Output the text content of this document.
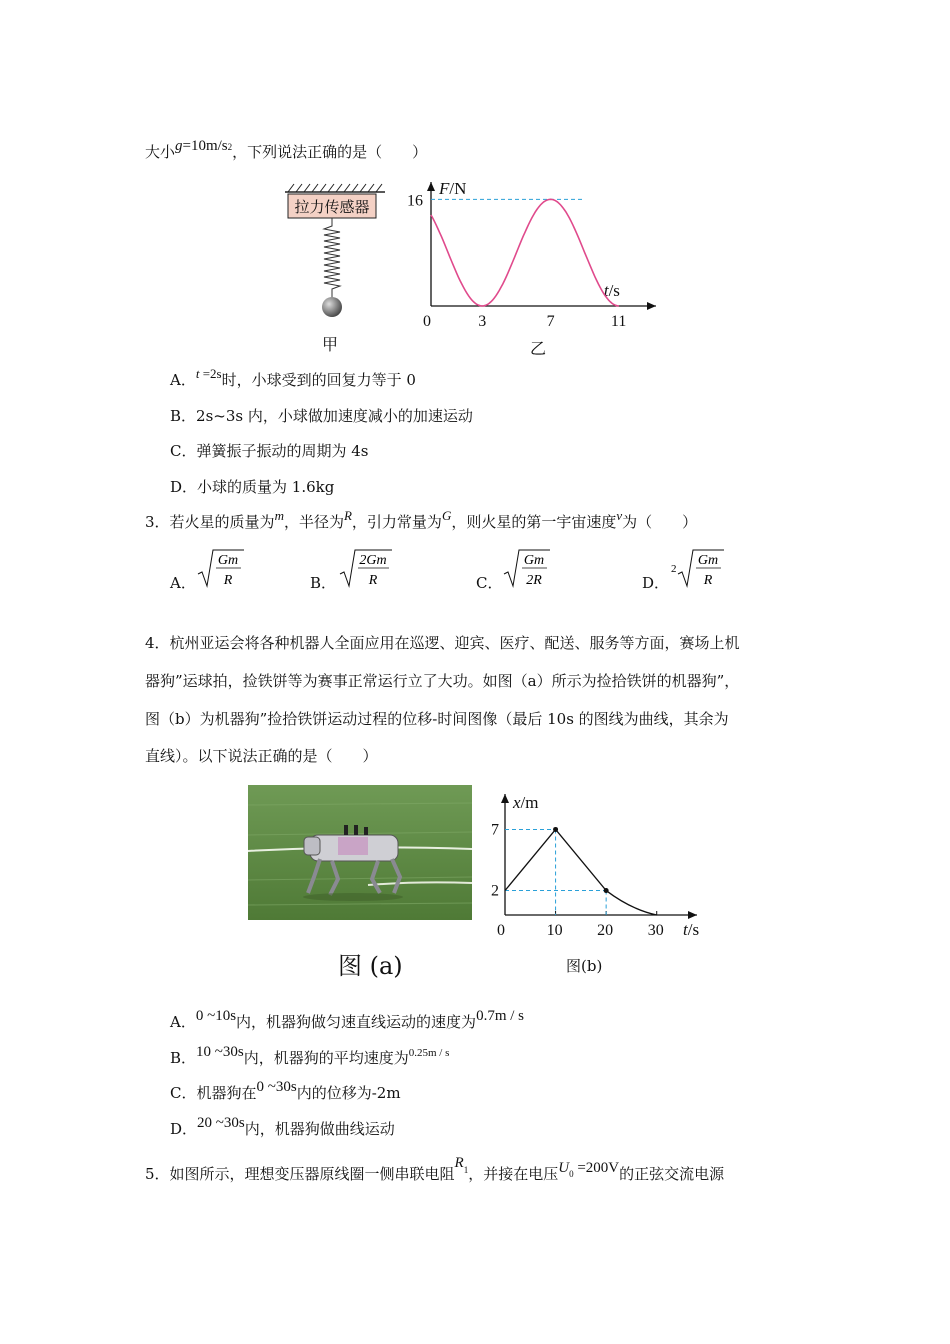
大小$g=10m/s^2$，下列说法正确的是（　　）
拉力传感器
甲
F/N
t/s
16
0	3	7	11
乙
A．t =2s时，小球受到的回复力等于 0
B．2s~3s 内，小球做加速度减小的加速运动
C．弹簧振子振动的周期为 4s
D．小球的质量为 1.6kg
3．若火星的质量为m，半径为R，引力常量为G，则火星的第一宇宙速度v为（　　）
A．
Gm
R	B．
2Gm
R	C．
Gm
2R	D．
2
Gm
R
4．杭州亚运会将各种机器人全面应用在巡逻、迎宾、医疗、配送、服务等方面，赛场上机
器狗”运球拍，捡铁饼等为赛事正常运行立了大功。如图（a）所示为捡拾铁饼的机器狗”，
图（b）为机器狗”捡拾铁饼运动过程的位移-时间图像（最后 10s 的图线为曲线，其余为
直线）。以下说法正确的是（　　）
图 (a)
x/m
t/s
2
7
0	10 20 30
图(b)
A．0 ~10s内，机器狗做匀速直线运动的速度为0.7m / s
B．10 ~30s内，机器狗的平均速度为$^{0.25m / s}$
C．机器狗在0 ~30s内的位移为-2m
D．20 ~30s内，机器狗做曲线运动
5．如图所示，理想变压器原线圈一侧串联电阻$R^1$，并接在电压U0 =200V的正弦交流电源
